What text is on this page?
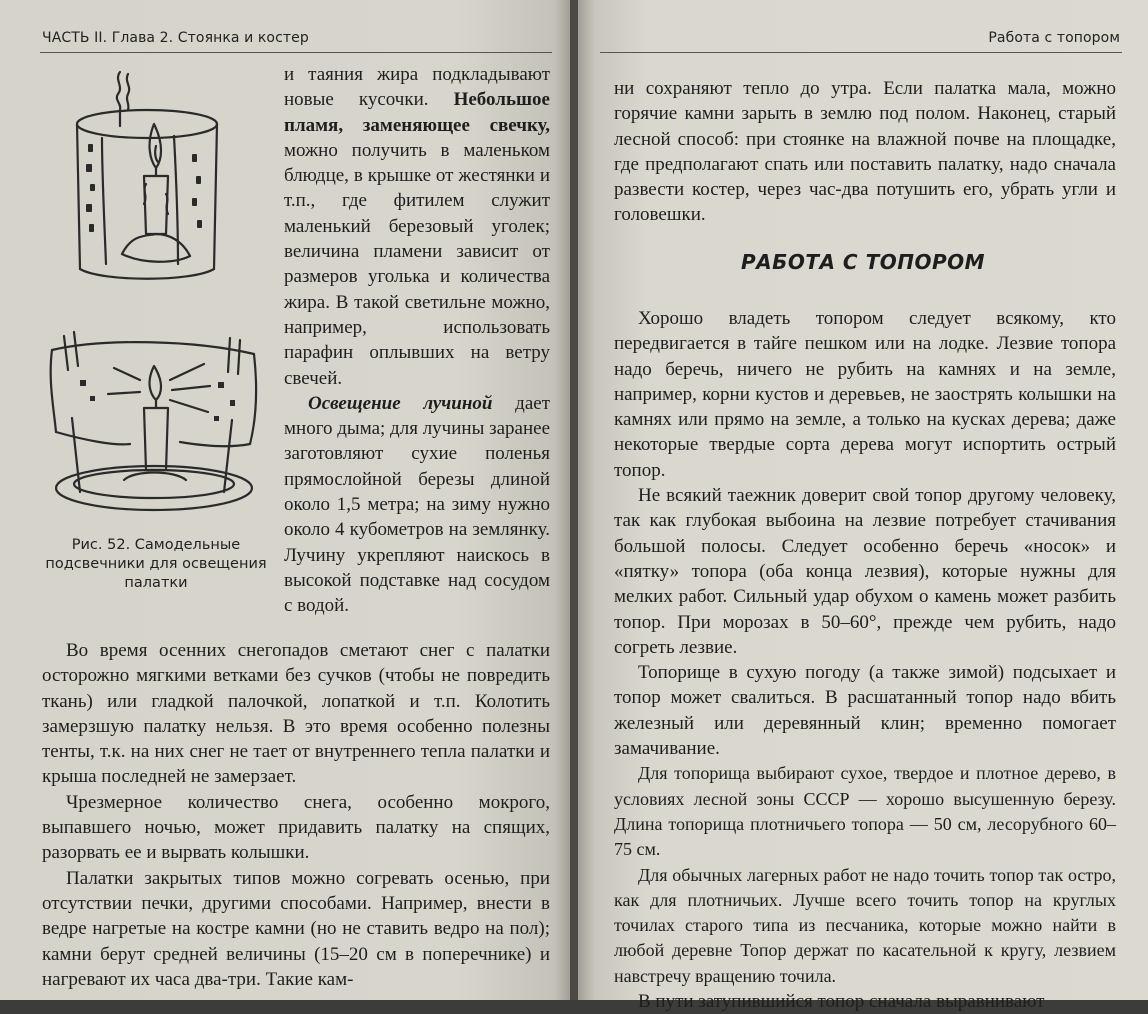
ЧАСТЬ II. Глава 2. Стоянка и костер
Рис. 52. Самодельные подсвечники для освещения палатки

и таяния жира подкладывают новые кусочки. Небольшое пламя, заменяющее свечку, можно получить в маленьком блюдце, в крышке от жестянки и т.п., где фитилем служит маленький березовый уголек; величина пламени зависит от размеров уголька и количества жира. В такой светильне можно, например, использовать парафин оплывших на ветру свечей.

Освещение лучиной дает много дыма; для лучины заранее заготовляют сухие поленья прямослойной березы длиной около 1,5 метра; на зиму нужно около 4 кубометров на землянку. Лучину укрепляют наискось в высокой подставке над сосудом с водой.

Во время осенних снегопадов сметают снег с палатки осторожно мягкими ветками без сучков (чтобы не повредить ткань) или гладкой палочкой, лопаткой и т.п. Колотить замерзшую палатку нельзя. В это время особенно полезны тенты, т.к. на них снег не тает от внутреннего тепла палатки и крыша последней не замерзает.

Чрезмерное количество снега, особенно мокрого, выпавшего ночью, может придавить палатку на спящих, разорвать ее и вырвать колышки.

Палатки закрытых типов можно согревать осенью, при отсутствии печки, другими способами. Например, внести в ведре нагретые на костре камни (но не ставить ведро на пол); камни берут средней величины (15–20 см в поперечнике) и нагревают их часа два-три. Такие кам-

Работа с топором

ни сохраняют тепло до утра. Если палатка мала, можно горячие камни зарыть в землю под полом. Наконец, старый лесной способ: при стоянке на влажной почве на площадке, где предполагают спать или поставить палатку, надо сначала развести костер, через час-два потушить его, убрать угли и головешки.

РАБОТА С ТОПОРОМ

Хорошо владеть топором следует всякому, кто передвигается в тайге пешком или на лодке. Лезвие топора надо беречь, ничего не рубить на камнях и на земле, например, корни кустов и деревьев, не заострять колышки на камнях или прямо на земле, а только на кусках дерева; даже некоторые твердые сорта дерева могут испортить острый топор.

Не всякий таежник доверит свой топор другому человеку, так как глубокая выбоина на лезвие потребует стачивания большой полосы. Следует особенно беречь «носок» и «пятку» топора (оба конца лезвия), которые нужны для мелких работ. Сильный удар обухом о камень может разбить топор. При морозах в 50–60°, прежде чем рубить, надо согреть лезвие.

Топорище в сухую погоду (а также зимой) подсыхает и топор может свалиться. В расшатанный топор надо вбить железный или деревянный клин; временно помогает замачивание.

Для топорища выбирают сухое, твердое и плотное дерево, в условиях лесной зоны СССР — хорошо высушенную березу. Длина топорища плотничьего топора — 50 см, лесорубного 60–75 см.

Для обычных лагерных работ не надо точить топор так остро, как для плотничьих. Лучше всего точить топор на круглых точилах старого типа из песчаника, которые можно найти в любой деревне Топор держат по касательной к кругу, лезвием навстречу вращению точила.

В пути затупившийся топор сначала выравнивают
